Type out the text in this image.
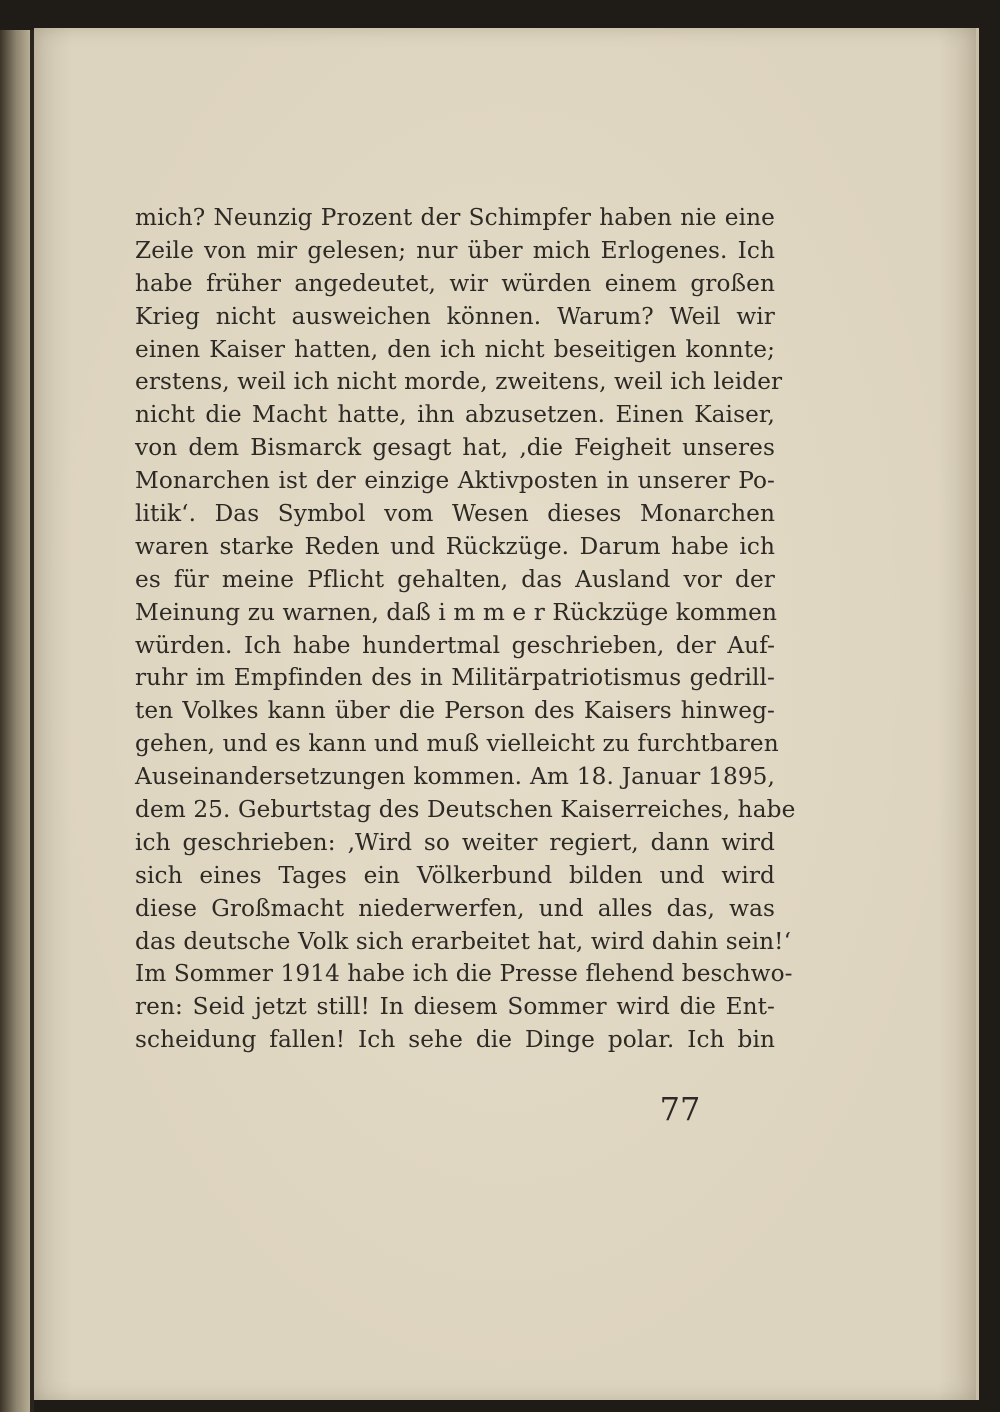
mich? Neunzig Prozent der Schimpfer haben nie eine
Zeile von mir gelesen; nur über mich Erlogenes. Ich
habe früher angedeutet, wir würden einem großen
Krieg nicht ausweichen können. Warum? Weil wir
einen Kaiser hatten, den ich nicht beseitigen konnte;
erstens, weil ich nicht morde, zweitens, weil ich leider
nicht die Macht hatte, ihn abzusetzen. Einen Kaiser,
von dem Bismarck gesagt hat, ‚die Feigheit unseres
Monarchen ist der einzige Aktivposten in unserer Po-
litik‘. Das Symbol vom Wesen dieses Monarchen
waren starke Reden und Rückzüge. Darum habe ich
es für meine Pflicht gehalten, das Ausland vor der
Meinung zu warnen, daß i m m e r Rückzüge kommen
würden. Ich habe hundertmal geschrieben, der Auf-
ruhr im Empfinden des in Militärpatriotismus gedrill-
ten Volkes kann über die Person des Kaisers hinweg-
gehen, und es kann und muß vielleicht zu furchtbaren
Auseinandersetzungen kommen. Am 18. Januar 1895,
dem 25. Geburtstag des Deutschen Kaiserreiches, habe
ich geschrieben: ‚Wird so weiter regiert, dann wird
sich eines Tages ein Völkerbund bilden und wird
diese Großmacht niederwerfen, und alles das, was
das deutsche Volk sich erarbeitet hat, wird dahin sein!‘
Im Sommer 1914 habe ich die Presse flehend beschwo-
ren: Seid jetzt still! In diesem Sommer wird die Ent-
scheidung fallen! Ich sehe die Dinge polar. Ich bin
77
